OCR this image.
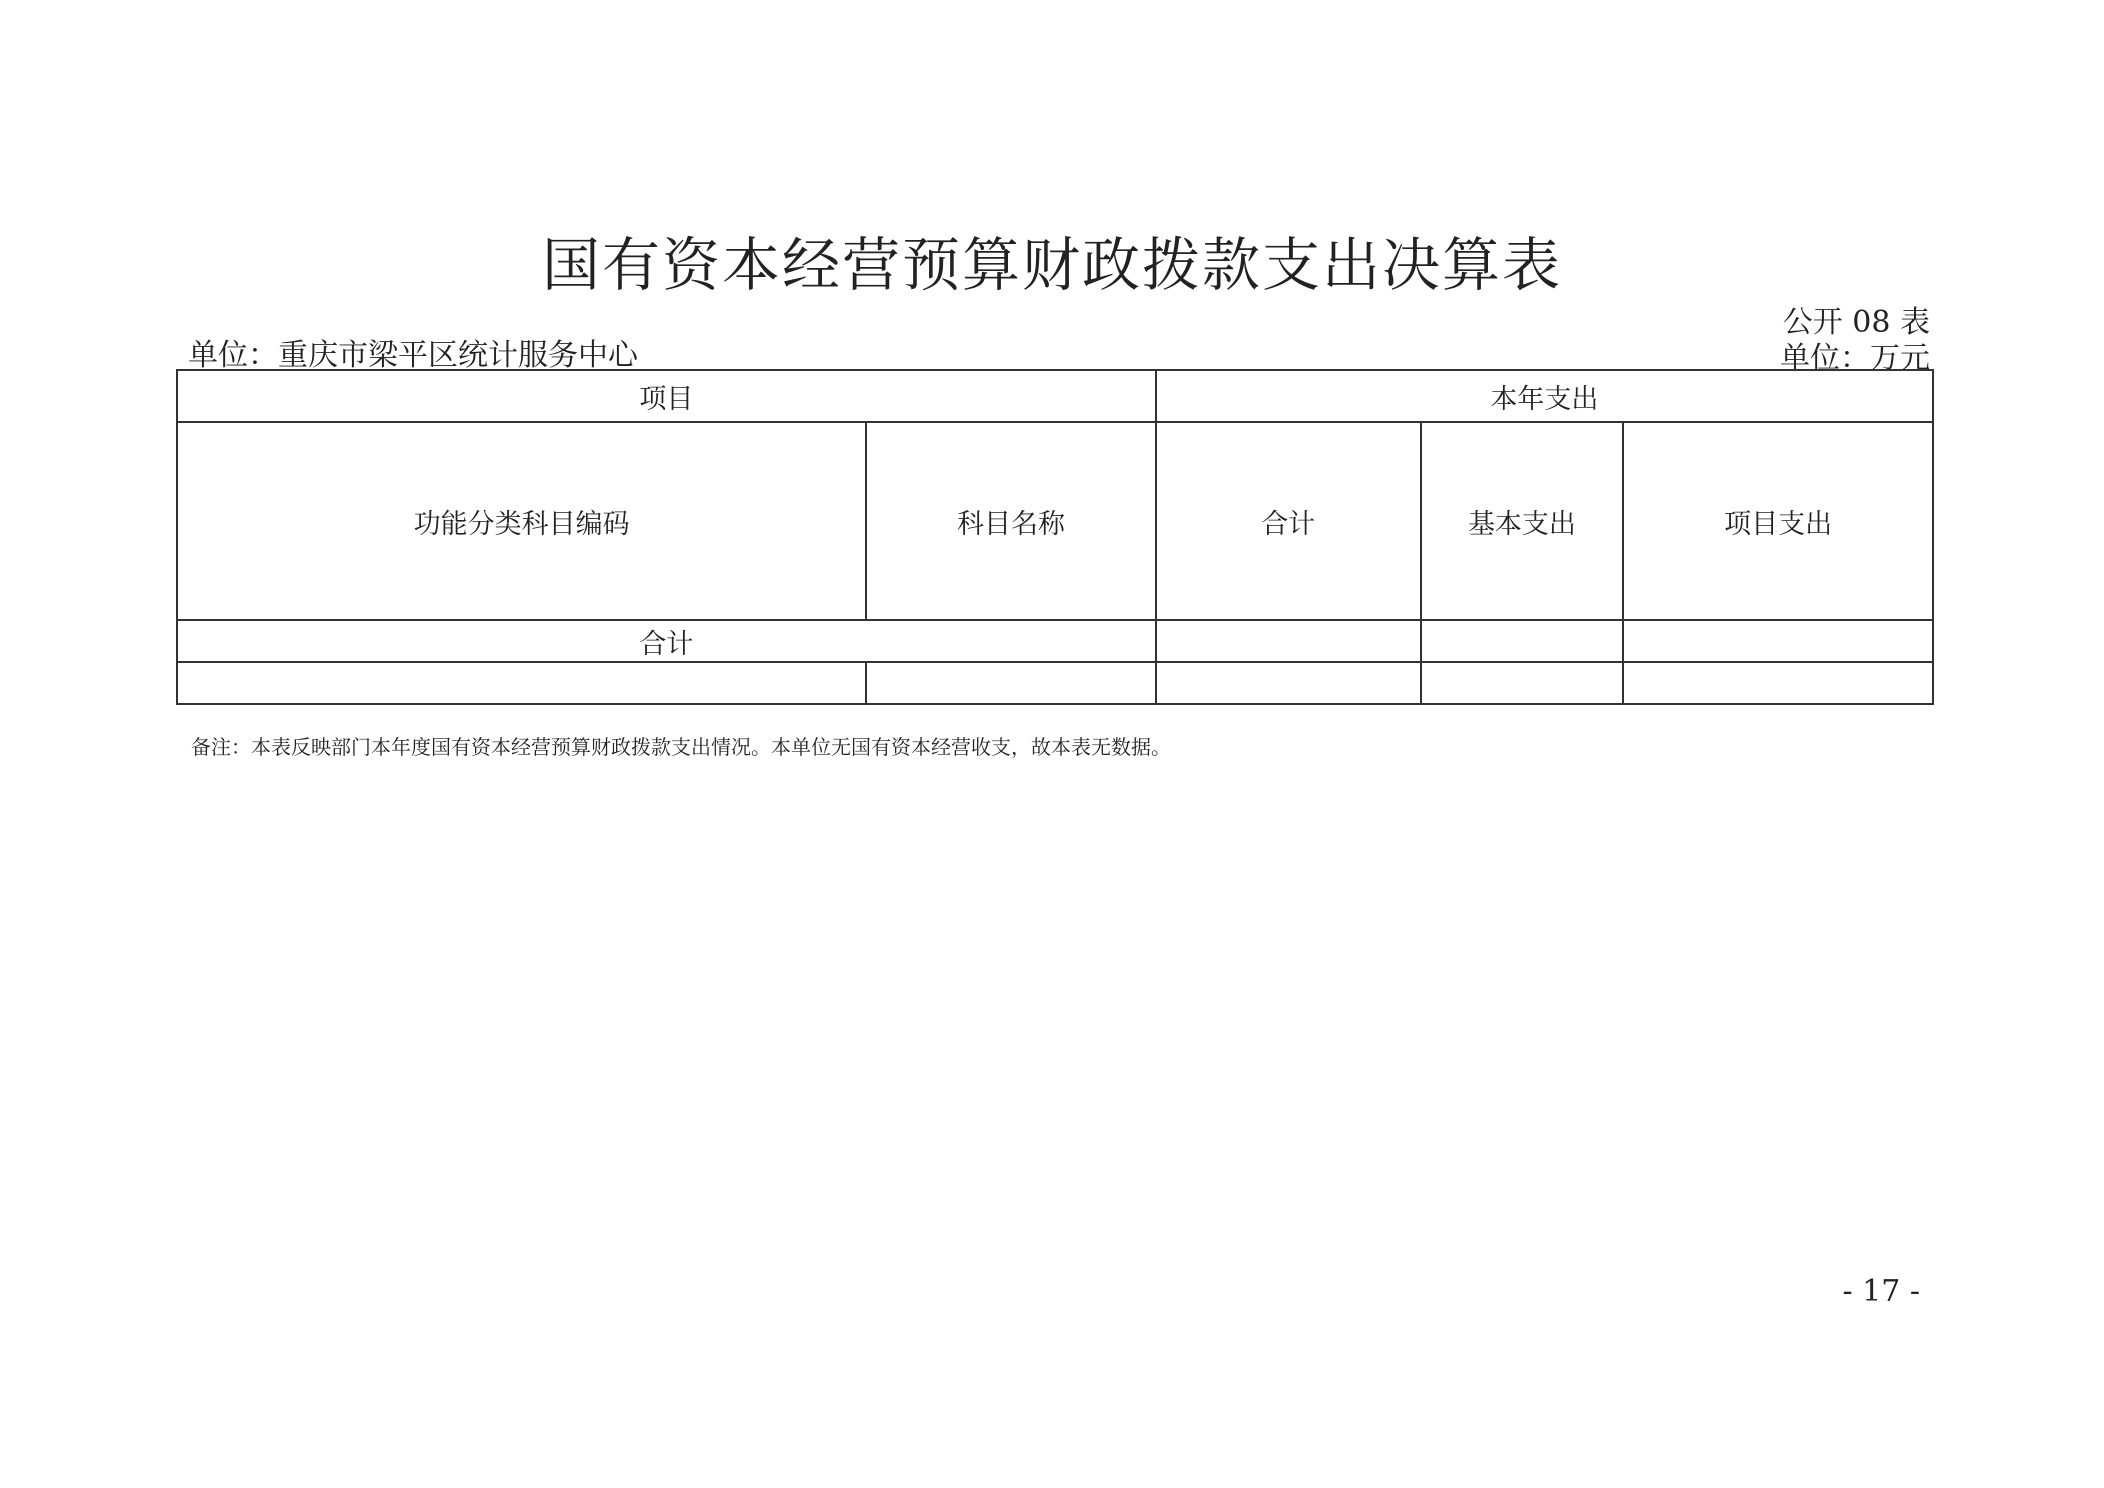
国有资本经营预算财政拨款支出决算表
公开 08 表
单位：重庆市梁平区统计服务中心	单位：万元
项目		本年支出		
功能分类科目编码	科目名称	合计	基本支出	项目支出
合计				

备注：本表反映部门本年度国有资本经营预算财政拨款支出情况。本单位无国有资本经营收支，故本表无数据。
- 17 -
